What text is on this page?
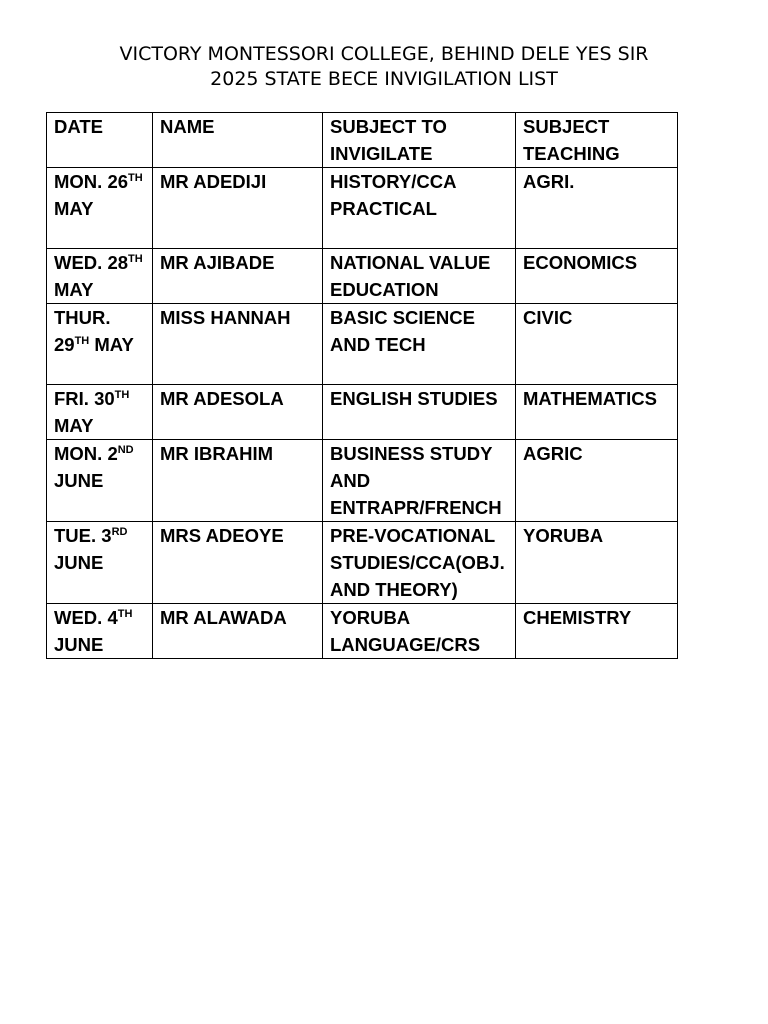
VICTORY MONTESSORI COLLEGE, BEHIND DELE YES SIR
2025 STATE BECE INVIGILATION LIST
DATE	NAME	SUBJECT TO INVIGILATE	SUBJECT TEACHING
MON. 26TH MAY	MR ADEDIJI	HISTORY/CCA PRACTICAL	AGRI.
WED. 28TH MAY	MR AJIBADE	NATIONAL VALUE EDUCATION	ECONOMICS
THUR. 29TH MAY	MISS HANNAH	BASIC SCIENCE AND TECH	CIVIC
FRI. 30TH MAY	MR ADESOLA	ENGLISH STUDIES	MATHEMATICS
MON. 2ND JUNE	MR IBRAHIM	BUSINESS STUDY AND ENTRAPR/FRENCH	AGRIC
TUE. 3RD JUNE	MRS ADEOYE	PRE-VOCATIONAL STUDIES/CCA(OBJ. AND THEORY)	YORUBA
WED. 4TH JUNE	MR ALAWADA	YORUBA LANGUAGE/CRS	CHEMISTRY
